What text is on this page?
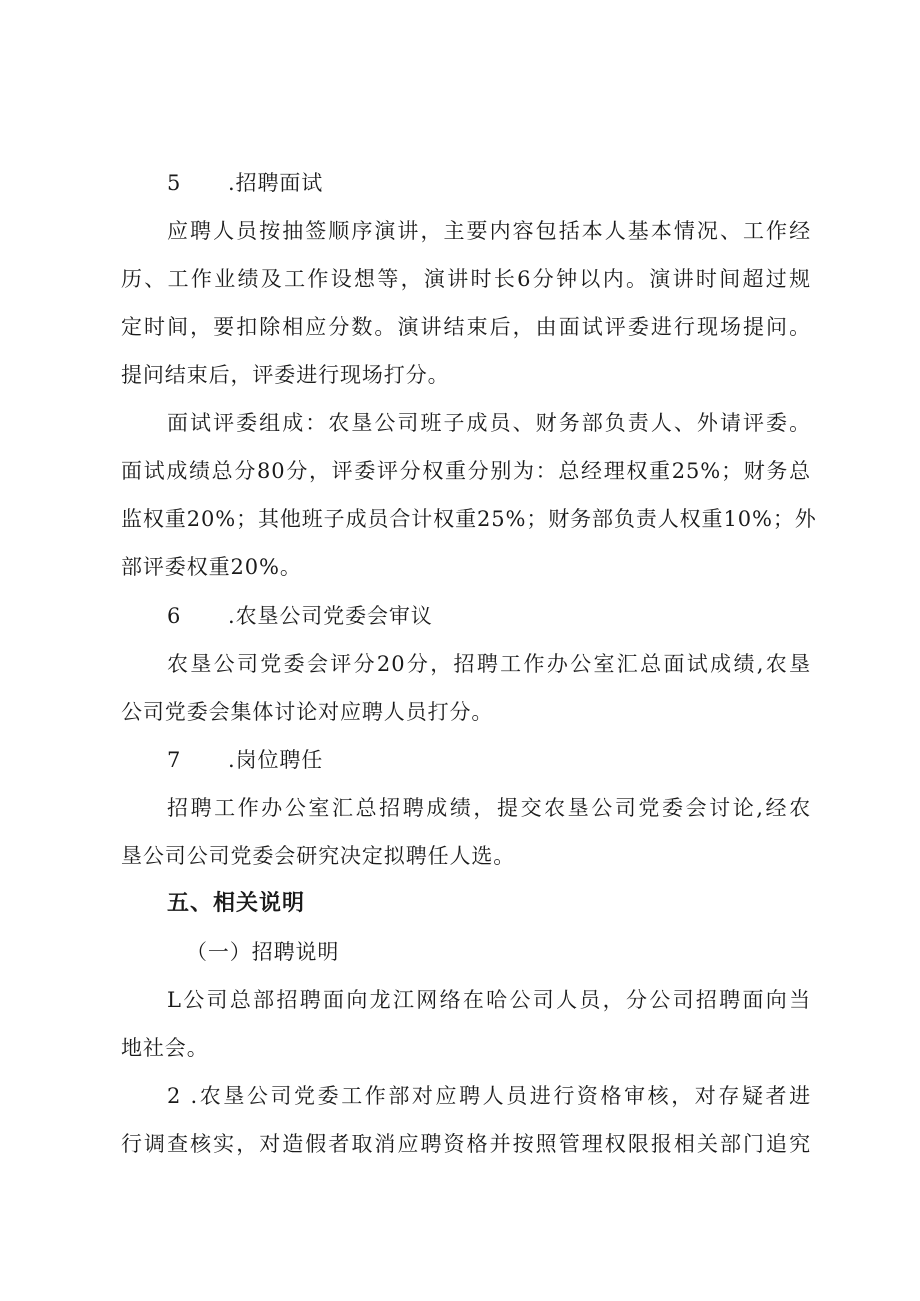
5 .招聘面试
应聘人员按抽签顺序演讲，主要内容包括本人基本情况、工作经
历、工作业绩及工作设想等，演讲时长6分钟以内。演讲时间超过规
定时间，要扣除相应分数。演讲结束后，由面试评委进行现场提问。
提问结束后，评委进行现场打分。
面试评委组成：农垦公司班子成员、财务部负责人、外请评委。
面试成绩总分80分，评委评分权重分别为：总经理权重25%；财务总
监权重20%；其他班子成员合计权重25%；财务部负责人权重10%；外
部评委权重20%。
6 .农垦公司党委会审议
农垦公司党委会评分20分，招聘工作办公室汇总面试成绩,农垦
公司党委会集体讨论对应聘人员打分。
7 .岗位聘任
招聘工作办公室汇总招聘成绩，提交农垦公司党委会讨论,经农
垦公司公司党委会研究决定拟聘任人选。
五、相关说明
（一）招聘说明
L公司总部招聘面向龙江网络在哈公司人员，分公司招聘面向当
地社会。
2 .农垦公司党委工作部对应聘人员进行资格审核，对存疑者进
行调查核实，对造假者取消应聘资格并按照管理权限报相关部门追究
